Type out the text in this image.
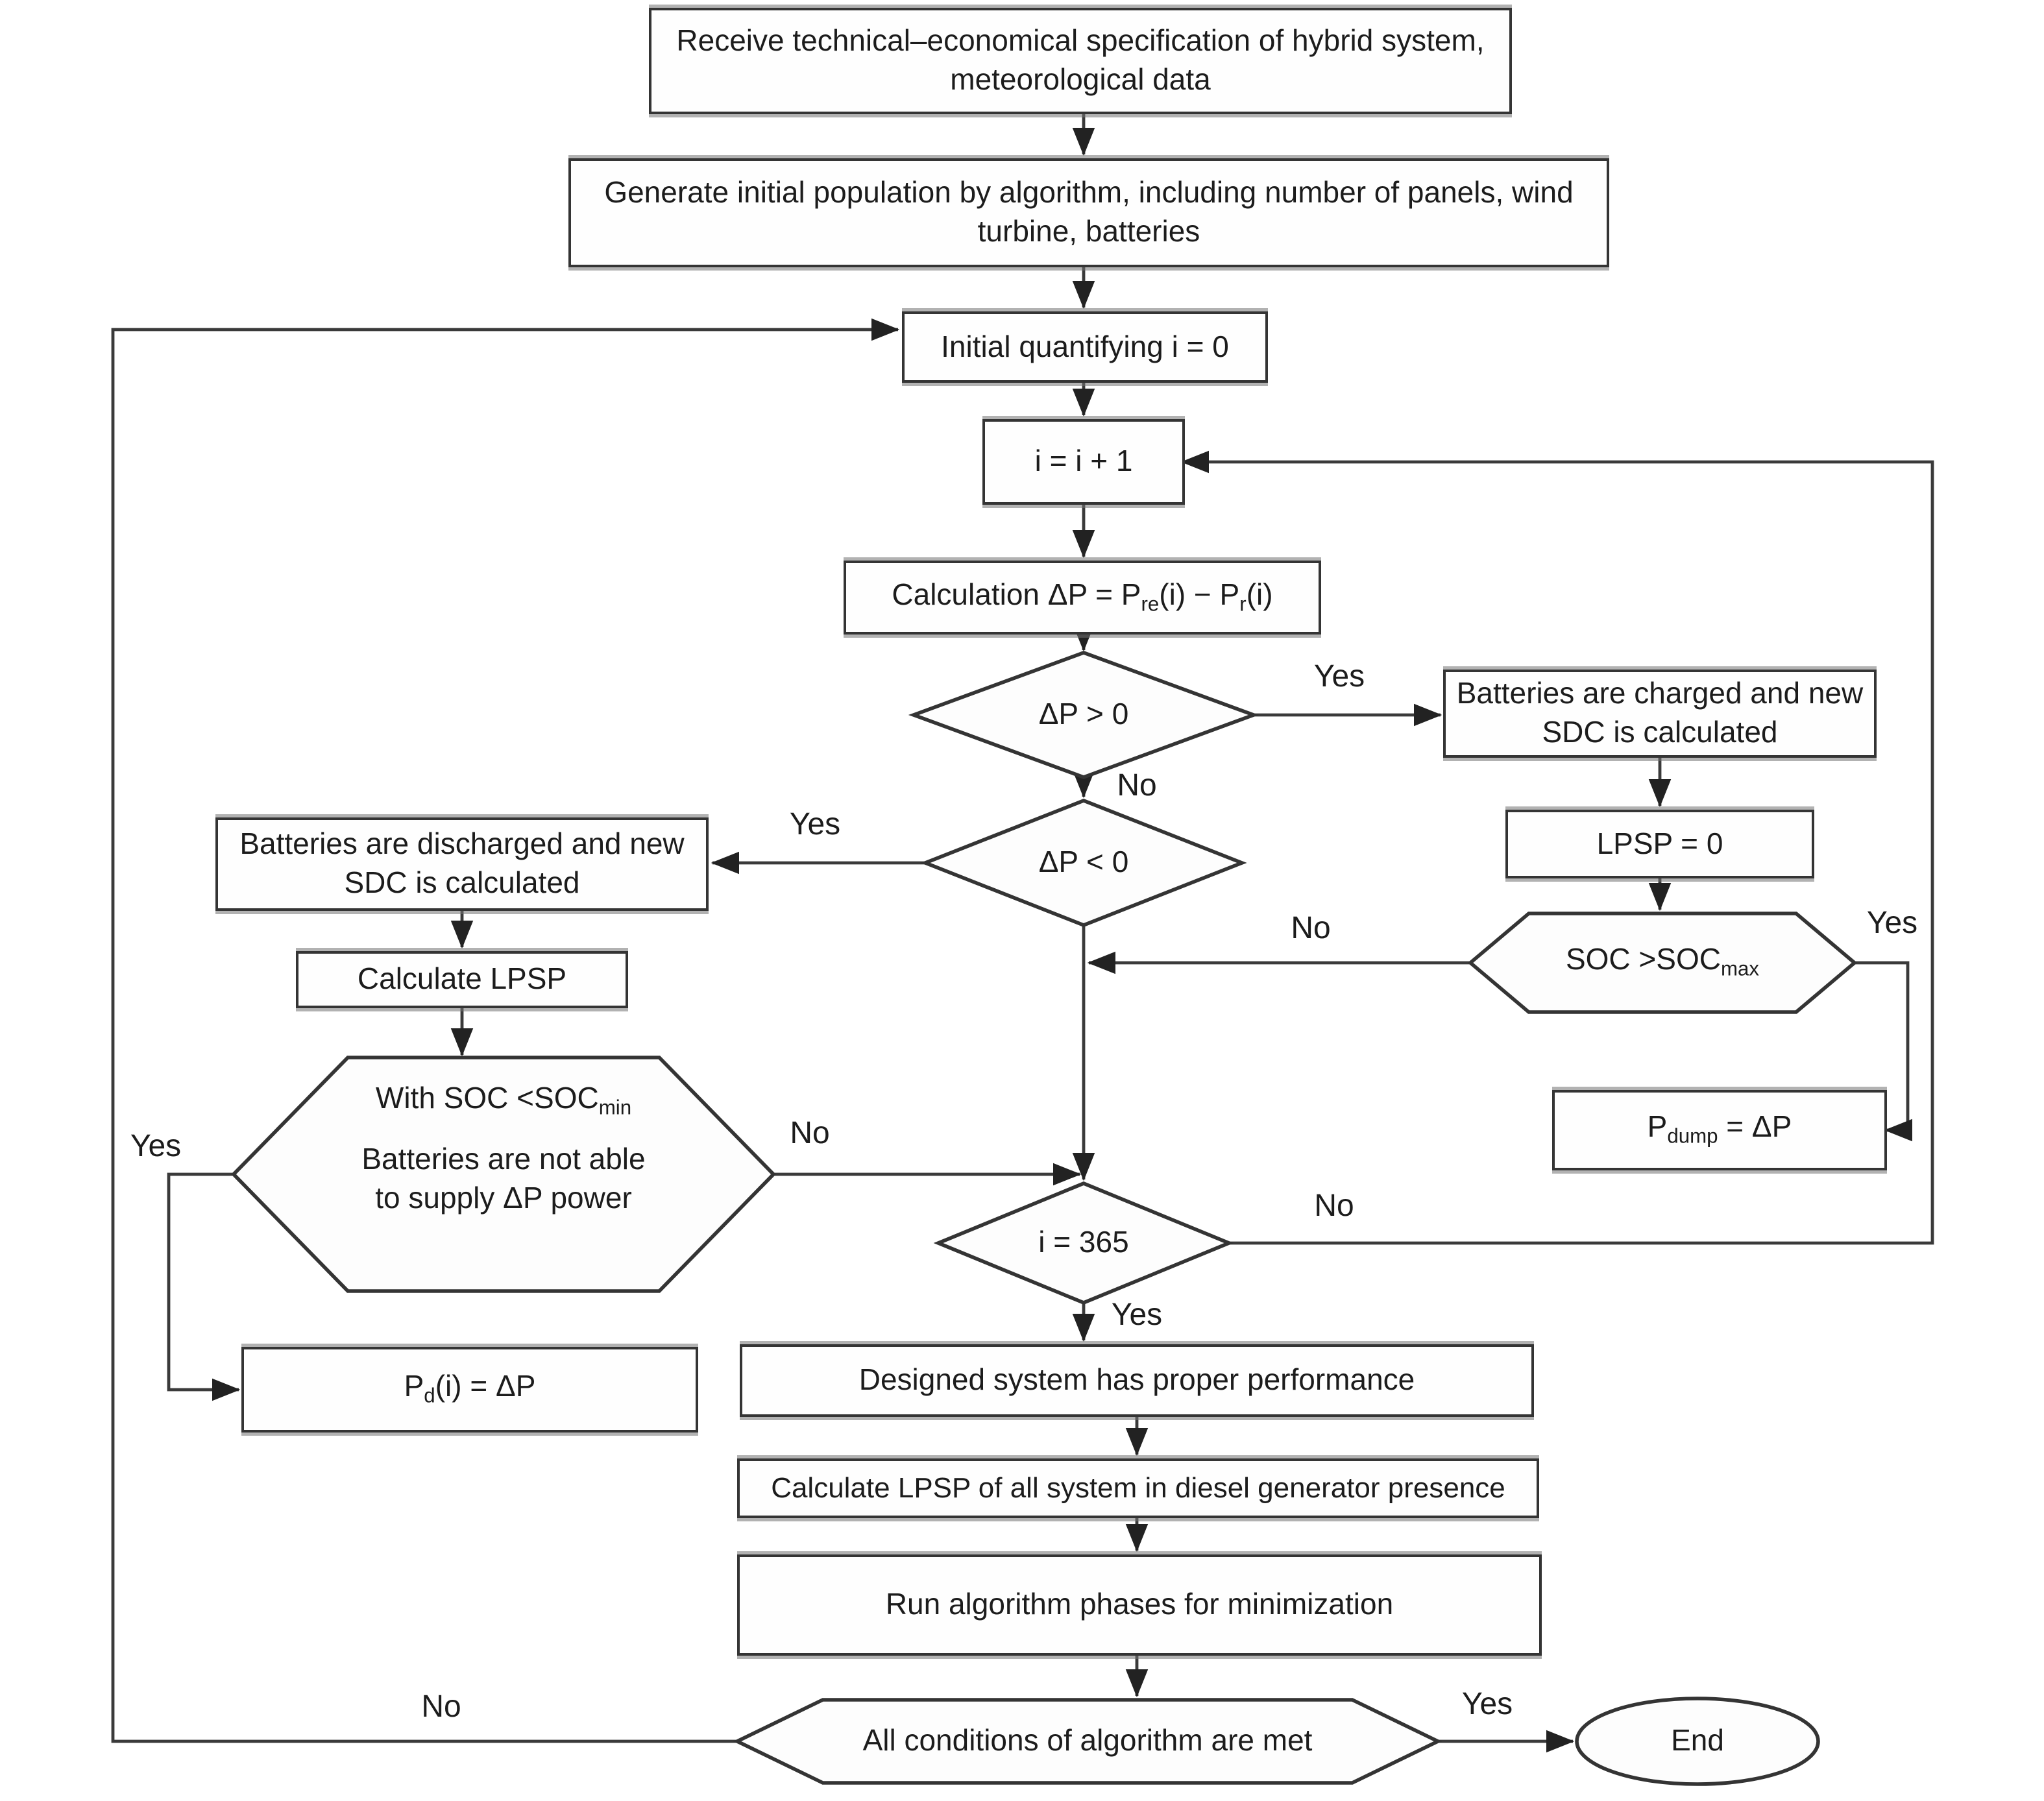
Receive technical–economical specification of hybrid system, meteorological data
Generate initial population by algorithm, including number of panels, wind turbine, batteries
Initial quantifying i = 0
i = i + 1
Calculation $\Delta P = P_{re}(i) - P_r(i)$
Batteries are charged and new SDC is calculated
LPSP = 0
$P_{dump} = \Delta P$
Batteries are discharged and new SDC is calculated
Calculate LPSP
$P_d(i) = \Delta P$	Designed system has proper performance
Calculate LPSP of all system in diesel generator presence
Run algorithm phases for minimization
ΔP > 0
ΔP < 0
i = 365
SOC $>SOC_{max}$
With SOC $<SOC_{min}$
Batteries are not able
to supply ΔP power
All conditions of algorithm are met	End
Yes
No
Yes
No	Yes
Yes	No
No
Yes
No	Yes
